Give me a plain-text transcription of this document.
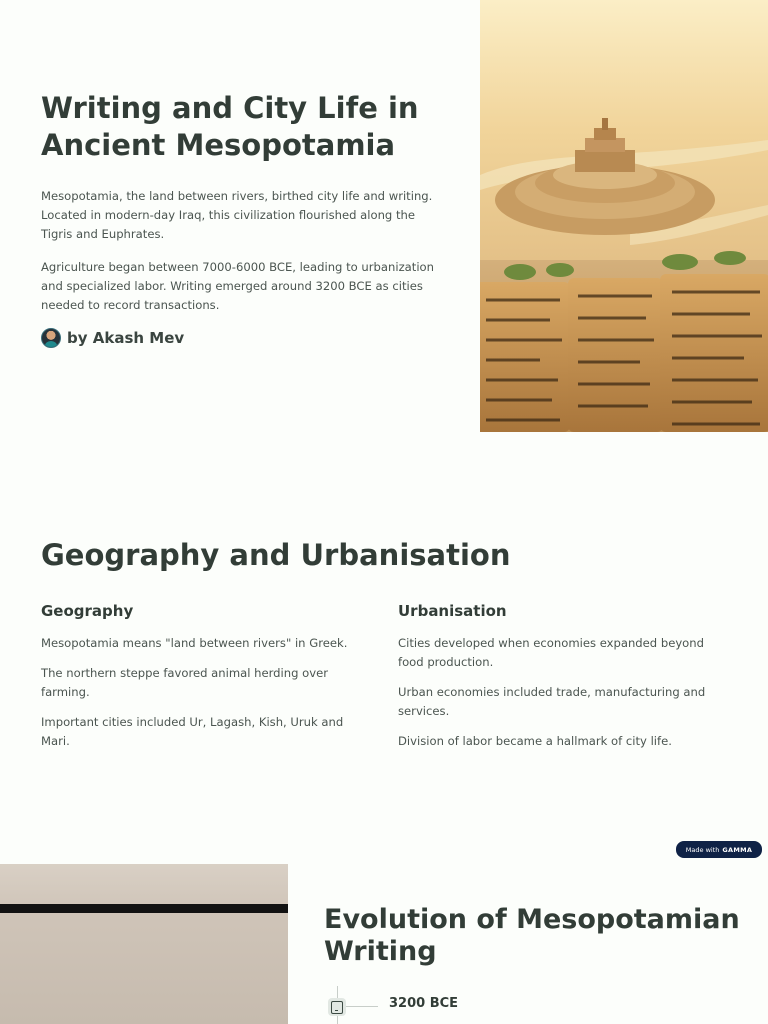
Writing and City Life in Ancient Mesopotamia

Mesopotamia, the land between rivers, birthed city life and writing. Located in modern-day Iraq, this civilization flourished along the Tigris and Euphrates.

Agriculture began between 7000-6000 BCE, leading to urbanization and specialized labor. Writing emerged around 3200 BCE as cities needed to record transactions.

by Akash Mev
Geography and Urbanisation
Geography

Mesopotamia means "land between rivers" in Greek.

The northern steppe favored animal herding over farming.

Important cities included Ur, Lagash, Kish, Uruk and Mari.

Urbanisation

Cities developed when economies expanded beyond food production.

Urban economies included trade, manufacturing and services.

Division of labor became a hallmark of city life.

Made with GAMMA
Evolution of Mesopotamian Writing
3200 BCE
